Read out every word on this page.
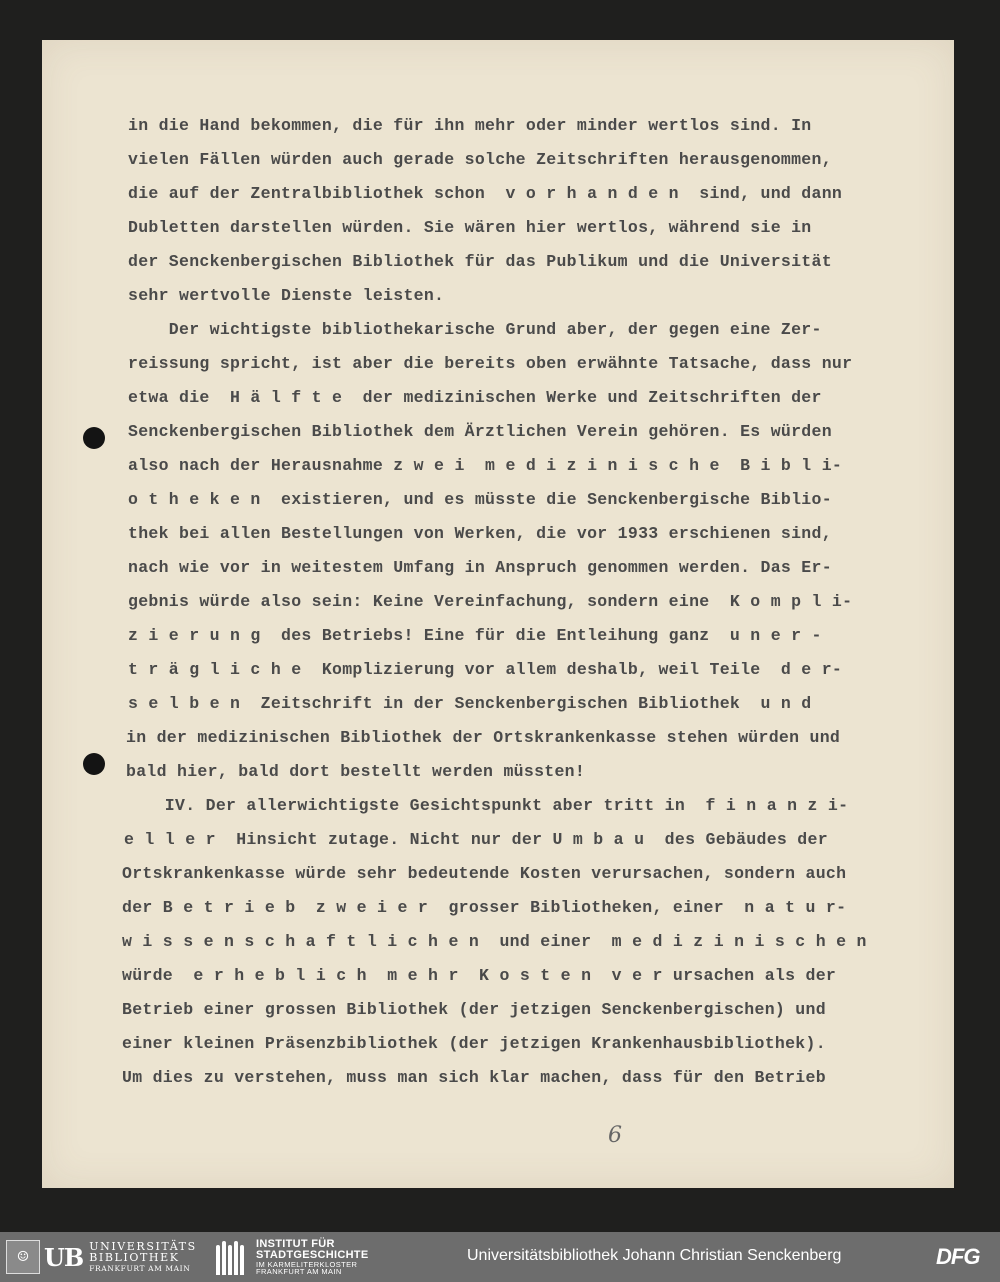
in die Hand bekommen, die für ihn mehr oder minder wertlos sind. In
vielen Fällen würden auch gerade solche Zeitschriften herausgenommen,
die auf der Zentralbibliothek schon  v o r h a n d e n  sind, und dann
Dubletten darstellen würden. Sie wären hier wertlos, während sie in
der Senckenbergischen Bibliothek für das Publikum und die Universität
sehr wertvolle Dienste leisten.
Der wichtigste bibliothekarische Grund aber, der gegen eine Zer-
reissung spricht, ist aber die bereits oben erwähnte Tatsache, dass nur
etwa die  H ä l f t e  der medizinischen Werke und Zeitschriften der
Senckenbergischen Bibliothek dem Ärztlichen Verein gehören. Es würden
also nach der Herausnahme z w e i  m e d i z i n i s c h e  B i b l i-
o t h e k e n  existieren, und es müsste die Senckenbergische Biblio-
thek bei allen Bestellungen von Werken, die vor 1933 erschienen sind,
nach wie vor in weitestem Umfang in Anspruch genommen werden. Das Er-
gebnis würde also sein: Keine Vereinfachung, sondern eine  K o m p l i-
z i e r u n g  des Betriebs! Eine für die Entleihung ganz  u n e r -
t r ä g l i c h e  Komplizierung vor allem deshalb, weil Teile  d e r-
s e l b e n  Zeitschrift in der Senckenbergischen Bibliothek  u n d
in der medizinischen Bibliothek der Ortskrankenkasse stehen würden und
bald hier, bald dort bestellt werden müssten!
IV. Der allerwichtigste Gesichtspunkt aber tritt in  f i n a n z i-
e l l e r  Hinsicht zutage. Nicht nur der U m b a u  des Gebäudes der
Ortskrankenkasse würde sehr bedeutende Kosten verursachen, sondern auch
der B e t r i e b  z w e i e r  grosser Bibliotheken, einer  n a t u r-
w i s s e n s c h a f t l i c h e n  und einer  m e d i z i n i s c h e n
würde  e r h e b l i c h  m e h r  K o s t e n  v e r ursachen als der
Betrieb einer grossen Bibliothek (der jetzigen Senckenbergischen) und
einer kleinen Präsenzbibliothek (der jetzigen Krankenhausbibliothek).
Um dies zu verstehen, muss man sich klar machen, dass für den Betrieb
6
☺ UB UNIVERSITÄTS
BIBLIOTHEK
FRANKFURT AM MAIN
INSTITUT FÜR
STADTGESCHICHTE
IM KARMELITERKLOSTER
FRANKFURT AM MAIN
Universitätsbibliothek Johann Christian Senckenberg	DFG
